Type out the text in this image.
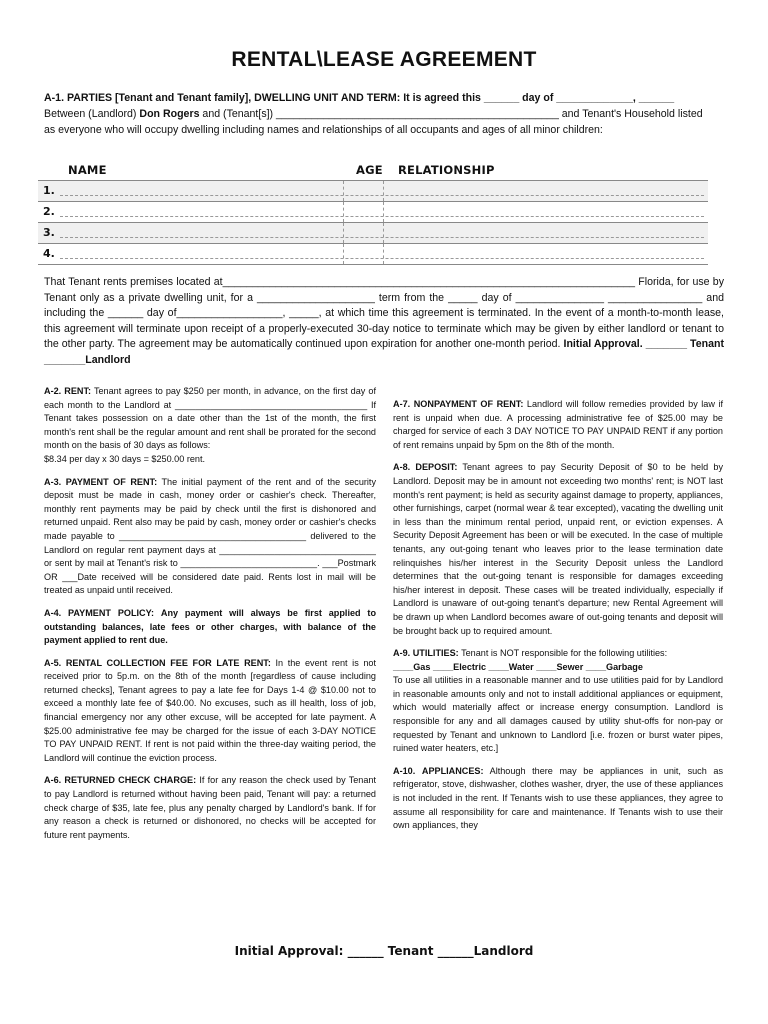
RENTAL\LEASE AGREEMENT
A-1. PARTIES [Tenant and Tenant family], DWELLING UNIT AND TERM: It is agreed this ______ day of _____________, ______
Between (Landlord) Don Rogers and (Tenant[s]) ________________________________________________ and Tenant's Household listed as everyone who will occupy dwelling including names and relationships of all occupants and ages of all minor children:
NAME	AGE RELATIONSHIP
1.
2.
3.
4.
That Tenant rents premises located at______________________________________________________________________ Florida, for use by Tenant only as a private dwelling unit, for a ____________________ term from the _____ day of _______________ ________________ and including the ______ day of__________________, _____, at which time this agreement is terminated. In the event of a month-to-month lease, this agreement will terminate upon receipt of a properly-executed 30-day notice to terminate which may be given by either landlord or tenant to the other party. The agreement may be automatically continued upon expiration for another one-month period. Initial Approval. _______ Tenant _______Landlord

A-2. RENT: Tenant agrees to pay $250 per month, in advance, on the first day of each month to the Landlord at ______________________________________ If Tenant takes possession on a date other than the 1st of the month, the first month's rent shall be the regular amount and rent shall be prorated for the second month on the basis of 30 days as follows:
$8.34 per day x 30 days = $250.00 rent.

A-3. PAYMENT OF RENT: The initial payment of the rent and of the security deposit must be made in cash, money order or cashier's check. Thereafter, monthly rent payments may be paid by check until the first is dishonored and returned unpaid. Rent also may be paid by cash, money order or cashier's checks made payable to _____________________________________ delivered to the Landlord on regular rent payment days at _______________________________ or sent by mail at Tenant's risk to ___________________________. ___Postmark OR ___Date received will be considered date paid. Rents lost in mail will be treated as unpaid until received.

A-4. PAYMENT POLICY: Any payment will always be first applied to outstanding balances, late fees or other charges, with balance of the payment applied to rent due.

A-5. RENTAL COLLECTION FEE FOR LATE RENT: In the event rent is not received prior to 5p.m. on the 8th of the month [regardless of cause including returned checks], Tenant agrees to pay a late fee for Days 1-4 @ $10.00 not to exceed a monthly late fee of $40.00. No excuses, such as ill health, loss of job, financial emergency nor any other excuse, will be accepted for late payment. A $25.00 administrative fee may be charged for the issue of each 3-DAY NOTICE TO PAY UNPAID RENT. If rent is not paid within the three-day waiting period, the Landlord will continue the eviction process.

A-6. RETURNED CHECK CHARGE: If for any reason the check used by Tenant to pay Landlord is returned without having been paid, Tenant will pay: a returned check charge of $35, late fee, plus any penalty charged by Landlord's bank. If for any reason a check is returned or dishonored, no checks will be accepted for future rent payments.

A-7. NONPAYMENT OF RENT: Landlord will follow remedies provided by law if rent is unpaid when due. A processing administrative fee of $25.00 may be charged for service of each 3 DAY NOTICE TO PAY UNPAID RENT if any portion of rent remains unpaid by 5pm on the 8th of the month.

A-8. DEPOSIT: Tenant agrees to pay Security Deposit of $0 to be held by Landlord. Deposit may be in amount not exceeding two months' rent; is NOT last month's rent payment; is held as security against damage to property, appliances, other furnishings, carpet (normal wear & tear excepted), vacating the dwelling unit in less than the minimum rental period, unpaid rent, or eviction expenses. A Security Deposit Agreement has been or will be executed. In the case of multiple tenants, any out-going tenant who leaves prior to the lease termination date relinquishes his/her interest in the Security Deposit unless the Landlord determines that the out-going tenant is responsible for damages exceeding his/her interest in deposit. These cases will be treated individually, especially if Landlord is unaware of out-going tenant's departure; new Rental Agreement will be drawn up when Landlord becomes aware of out-going tenants and deposit will be brought back up to required amount.

A-9. UTILITIES: Tenant is NOT responsible for the following utilities:
____Gas ____Electric ____Water ____Sewer ____Garbage
To use all utilities in a reasonable manner and to use utilities paid for by Landlord in reasonable amounts only and not to install additional appliances or equipment, which would materially affect or increase energy consumption. Landlord is responsible for any and all damages caused by utility shut-offs for non-pay or requested by Tenant and unknown to Landlord [i.e. frozen or burst water pipes, ruined water heaters, etc.]

A-10. APPLIANCES: Although there may be appliances in unit, such as refrigerator, stove, dishwasher, clothes washer, dryer, the use of these appliances is not included in the rent. If Tenants wish to use these appliances, they agree to assume all responsibility for care and maintenance. If Tenants wish to use their own appliances, they

Initial Approval: ______ Tenant ______Landlord
